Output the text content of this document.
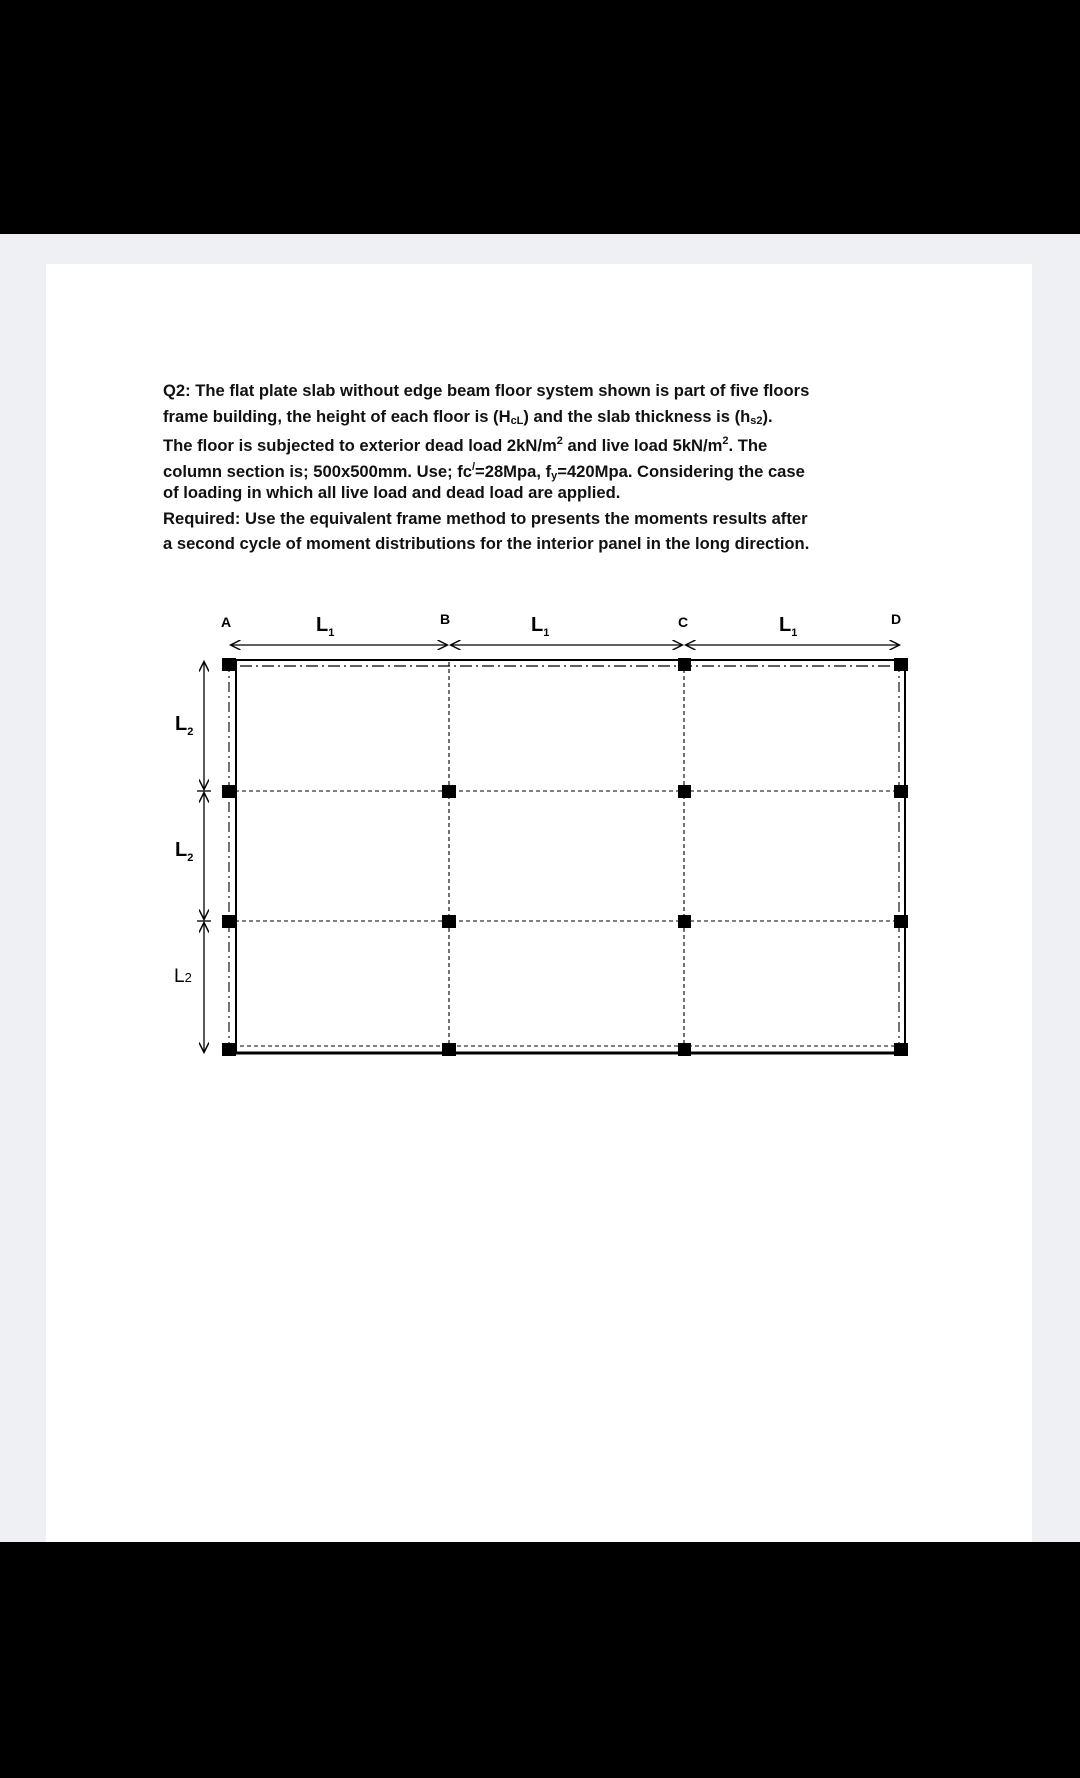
Q2: The flat plate slab without edge beam floor system shown is part of five floors
frame building, the height of each floor is $(H_{cL})$ and the slab thickness is $(h_{s2})$.
The floor is subjected to exterior dead load $2kN/m^2$ and live load $5kN/m^2$. The
column section is; 500x500mm. Use; fc/=28Mpa, $f_y=420Mpa$. Considering the case
of loading in which all live load and dead load are applied.
Required: Use the equivalent frame method to presents the moments results after
a second cycle of moment distributions for the interior panel in the long direction.
A	B	C	D
$L_1$	$L_1$	$L_1$
$L_2$
$L_2$
L2
